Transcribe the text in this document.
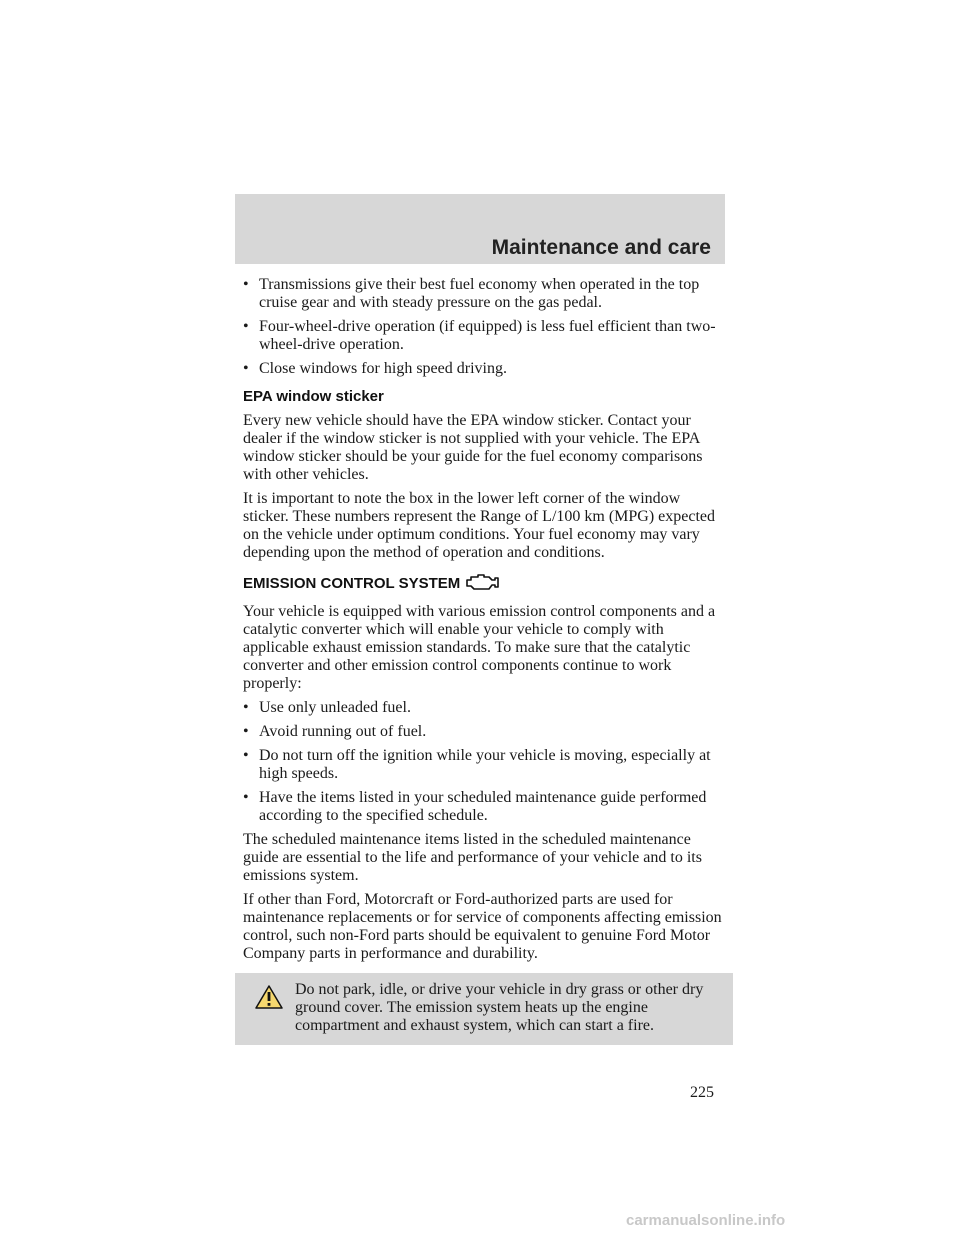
Maintenance and care
• Transmissions give their best fuel economy when operated in the top cruise gear and with steady pressure on the gas pedal.
• Four-wheel-drive operation (if equipped) is less fuel efficient than two-wheel-drive operation.
• Close windows for high speed driving.
EPA window sticker

Every new vehicle should have the EPA window sticker. Contact your dealer if the window sticker is not supplied with your vehicle. The EPA window sticker should be your guide for the fuel economy comparisons with other vehicles.

It is important to note the box in the lower left corner of the window sticker. These numbers represent the Range of L/100 km (MPG) expected on the vehicle under optimum conditions. Your fuel economy may vary depending upon the method of operation and conditions.

EMISSION CONTROL SYSTEM

Your vehicle is equipped with various emission control components and a catalytic converter which will enable your vehicle to comply with applicable exhaust emission standards. To make sure that the catalytic converter and other emission control components continue to work properly:

• Use only unleaded fuel.
• Avoid running out of fuel.
• Do not turn off the ignition while your vehicle is moving, especially at high speeds.
• Have the items listed in your scheduled maintenance guide performed according to the specified schedule.

The scheduled maintenance items listed in the scheduled maintenance guide are essential to the life and performance of your vehicle and to its emissions system.

If other than Ford, Motorcraft or Ford-authorized parts are used for maintenance replacements or for service of components affecting emission control, such non-Ford parts should be equivalent to genuine Ford Motor Company parts in performance and durability.

Do not park, idle, or drive your vehicle in dry grass or other dry ground cover. The emission system heats up the engine compartment and exhaust system, which can start a fire.
225
carmanualsonline.info
